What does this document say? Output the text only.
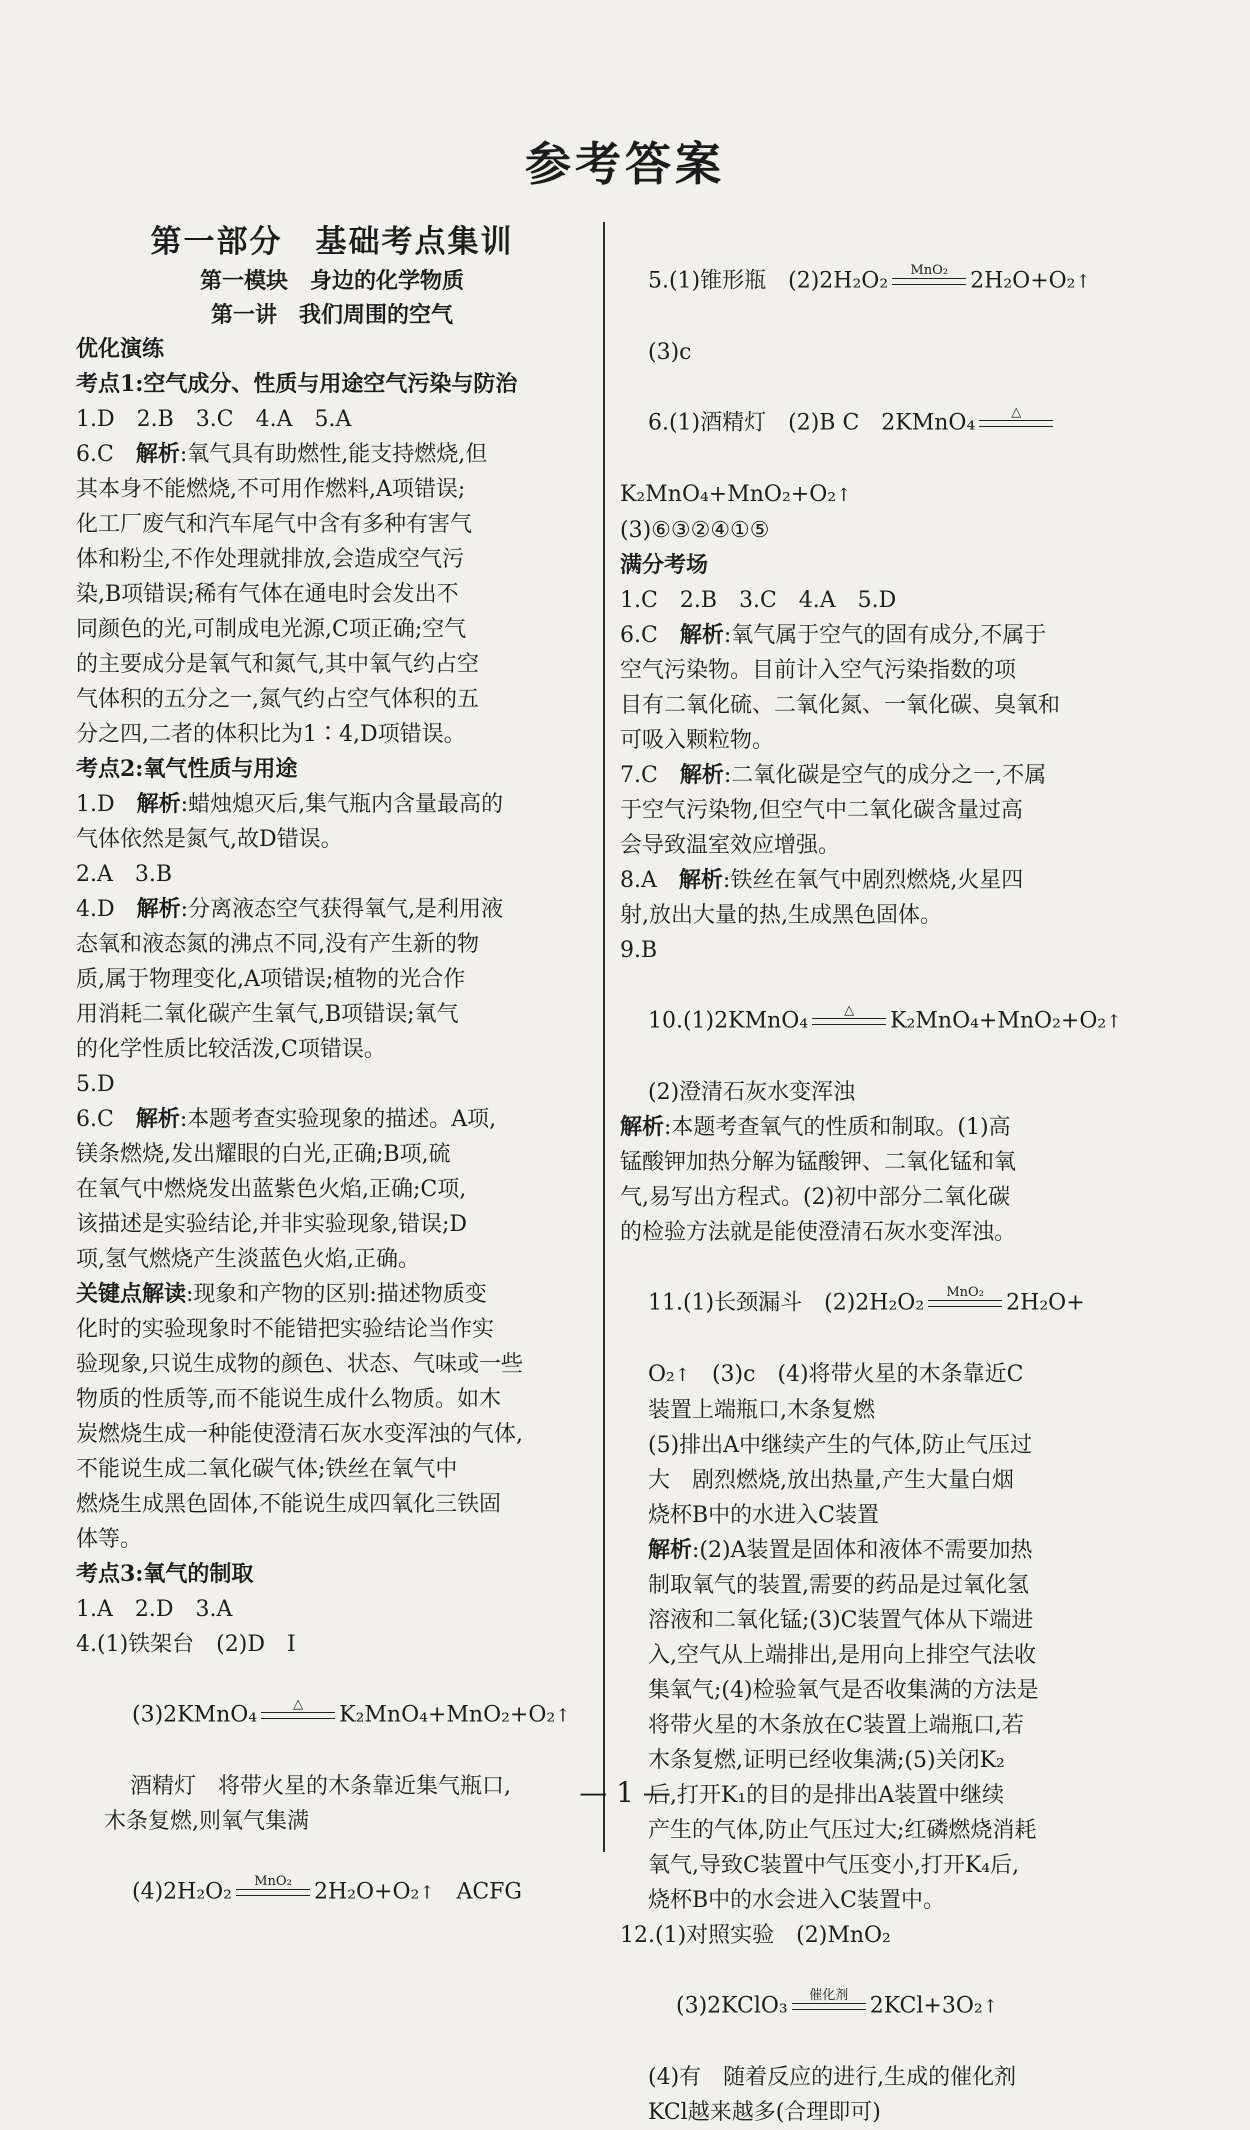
参考答案
第一部分　基础考点集训
第一模块　身边的化学物质
第一讲　我们周围的空气
优化演练
考点1:空气成分、性质与用途空气污染与防治
1.D　2.B　3.C　4.A　5.A
6.C　解析:氧气具有助燃性,能支持燃烧,但
其本身不能燃烧,不可用作燃料,A项错误;
化工厂废气和汽车尾气中含有多种有害气
体和粉尘,不作处理就排放,会造成空气污
染,B项错误;稀有气体在通电时会发出不
同颜色的光,可制成电光源,C项正确;空气
的主要成分是氧气和氮气,其中氧气约占空
气体积的五分之一,氮气约占空气体积的五
分之四,二者的体积比为1∶4,D项错误。
考点2:氧气性质与用途
1.D　解析:蜡烛熄灭后,集气瓶内含量最高的
气体依然是氮气,故D错误。
2.A　3.B
4.D　解析:分离液态空气获得氧气,是利用液
态氧和液态氮的沸点不同,没有产生新的物
质,属于物理变化,A项错误;植物的光合作
用消耗二氧化碳产生氧气,B项错误;氧气
的化学性质比较活泼,C项错误。
5.D
6.C　解析:本题考查实验现象的描述。A项,
镁条燃烧,发出耀眼的白光,正确;B项,硫
在氧气中燃烧发出蓝紫色火焰,正确;C项,
该描述是实验结论,并非实验现象,错误;D
项,氢气燃烧产生淡蓝色火焰,正确。
关键点解读:现象和产物的区别:描述物质变
化时的实验现象时不能错把实验结论当作实
验现象,只说生成物的颜色、状态、气味或一些
物质的性质等,而不能说生成什么物质。如木
炭燃烧生成一种能使澄清石灰水变浑浊的气体,
不能说生成二氧化碳气体;铁丝在氧气中
燃烧生成黑色固体,不能说生成四氧化三铁固
体等。
考点3:氧气的制取
1.A　2.D　3.A
4.(1)铁架台　(2)D　Ⅰ

(3)2KMnO₄	△ K₂MnO₄+MnO₂+O₂↑

酒精灯　将带火星的木条靠近集气瓶口,
木条复燃,则氧气集满

(4)2H₂O₂ MnO₂ 2H₂O+O₂↑　ACFG

5.(1)锥形瓶　(2)2H₂O₂ MnO₂ 2H₂O+O₂↑

(3)c

6.(1)酒精灯　(2)B C　2KMnO₄	△

K₂MnO₄+MnO₂+O₂↑
(3)⑥③②④①⑤
满分考场
1.C　2.B　3.C　4.A　5.D
6.C　解析:氧气属于空气的固有成分,不属于
空气污染物。目前计入空气污染指数的项
目有二氧化硫、二氧化氮、一氧化碳、臭氧和
可吸入颗粒物。
7.C　解析:二氧化碳是空气的成分之一,不属
于空气污染物,但空气中二氧化碳含量过高
会导致温室效应增强。
8.A　解析:铁丝在氧气中剧烈燃烧,火星四
射,放出大量的热,生成黑色固体。
9.B

10.(1)2KMnO₄	△ K₂MnO₄+MnO₂+O₂↑

(2)澄清石灰水变浑浊
解析:本题考查氧气的性质和制取。(1)高
锰酸钾加热分解为锰酸钾、二氧化锰和氧
气,易写出方程式。(2)初中部分二氧化碳
的检验方法就是能使澄清石灰水变浑浊。

11.(1)长颈漏斗　(2)2H₂O₂ MnO₂ 2H₂O+

O₂↑　(3)c　(4)将带火星的木条靠近C
装置上端瓶口,木条复燃
(5)排出A中继续产生的气体,防止气压过
大　剧烈燃烧,放出热量,产生大量白烟
烧杯B中的水进入C装置
解析:(2)A装置是固体和液体不需要加热
制取氧气的装置,需要的药品是过氧化氢
溶液和二氧化锰;(3)C装置气体从下端进
入,空气从上端排出,是用向上排空气法收
集氧气;(4)检验氧气是否收集满的方法是
将带火星的木条放在C装置上端瓶口,若
木条复燃,证明已经收集满;(5)关闭K₂
后,打开K₁的目的是排出A装置中继续
产生的气体,防止气压过大;红磷燃烧消耗
氧气,导致C装置中气压变小,打开K₄后,
烧杯B中的水会进入C装置中。
12.(1)对照实验　(2)MnO₂

(3)2KClO₃ 催化剂 2KCl+3O₂↑

(4)有　随着反应的进行,生成的催化剂
KCl越来越多(合理即可)
— 1 —
